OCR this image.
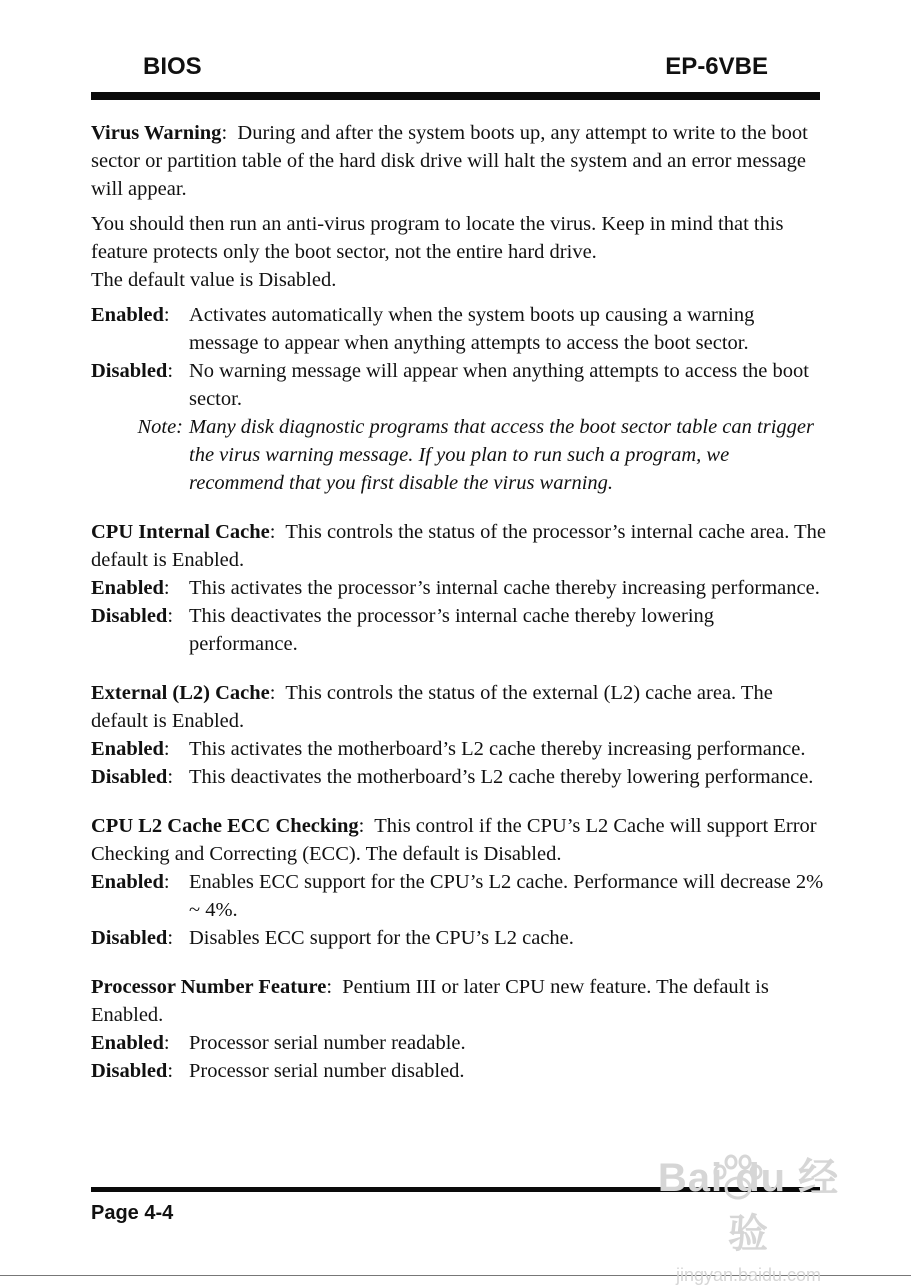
BIOS	EP-6VBE

Virus Warning:  During and after the system boots up, any attempt to write to the boot sector or partition table of the hard disk drive will halt the system and an error message will appear.

You should then run an anti-virus program to locate the virus. Keep in mind that this feature protects only the boot sector, not the entire hard drive.

The default value is Disabled.

Enabled: Activates automatically when the system boots up causing a warning message to appear when anything attempts to access the boot sector.
Disabled: No warning message will appear when anything attempts to access the boot sector.
Note: Many disk diagnostic programs that access the boot sector table can trigger the virus warning message. If you plan to run such a program, we recommend that you first disable the virus warning.

CPU Internal Cache:  This controls the status of the processor’s internal cache area. The default is Enabled.

Enabled: This activates the processor’s internal cache thereby increasing performance.
Disabled: This deactivates the processor’s internal cache thereby lowering performance.

External (L2) Cache:  This controls the status of the external (L2) cache area. The default is Enabled.

Enabled: This activates the motherboard’s L2 cache thereby increasing performance.
Disabled: This deactivates the motherboard’s L2 cache thereby lowering performance.

CPU L2 Cache ECC Checking:  This control if the CPU’s L2 Cache will support Error Checking and Correcting (ECC). The default is Disabled.

Enabled: Enables ECC support for the CPU’s L2 cache. Performance will decrease 2% ~ 4%.
Disabled: Disables ECC support for the CPU’s L2 cache.

Processor Number Feature:  Pentium III or later CPU new feature. The default is Enabled.

Enabled: Processor serial number readable.
Disabled: Processor serial number disabled.
Page 4-4
Bai du 经验
jingyan.baidu.com
